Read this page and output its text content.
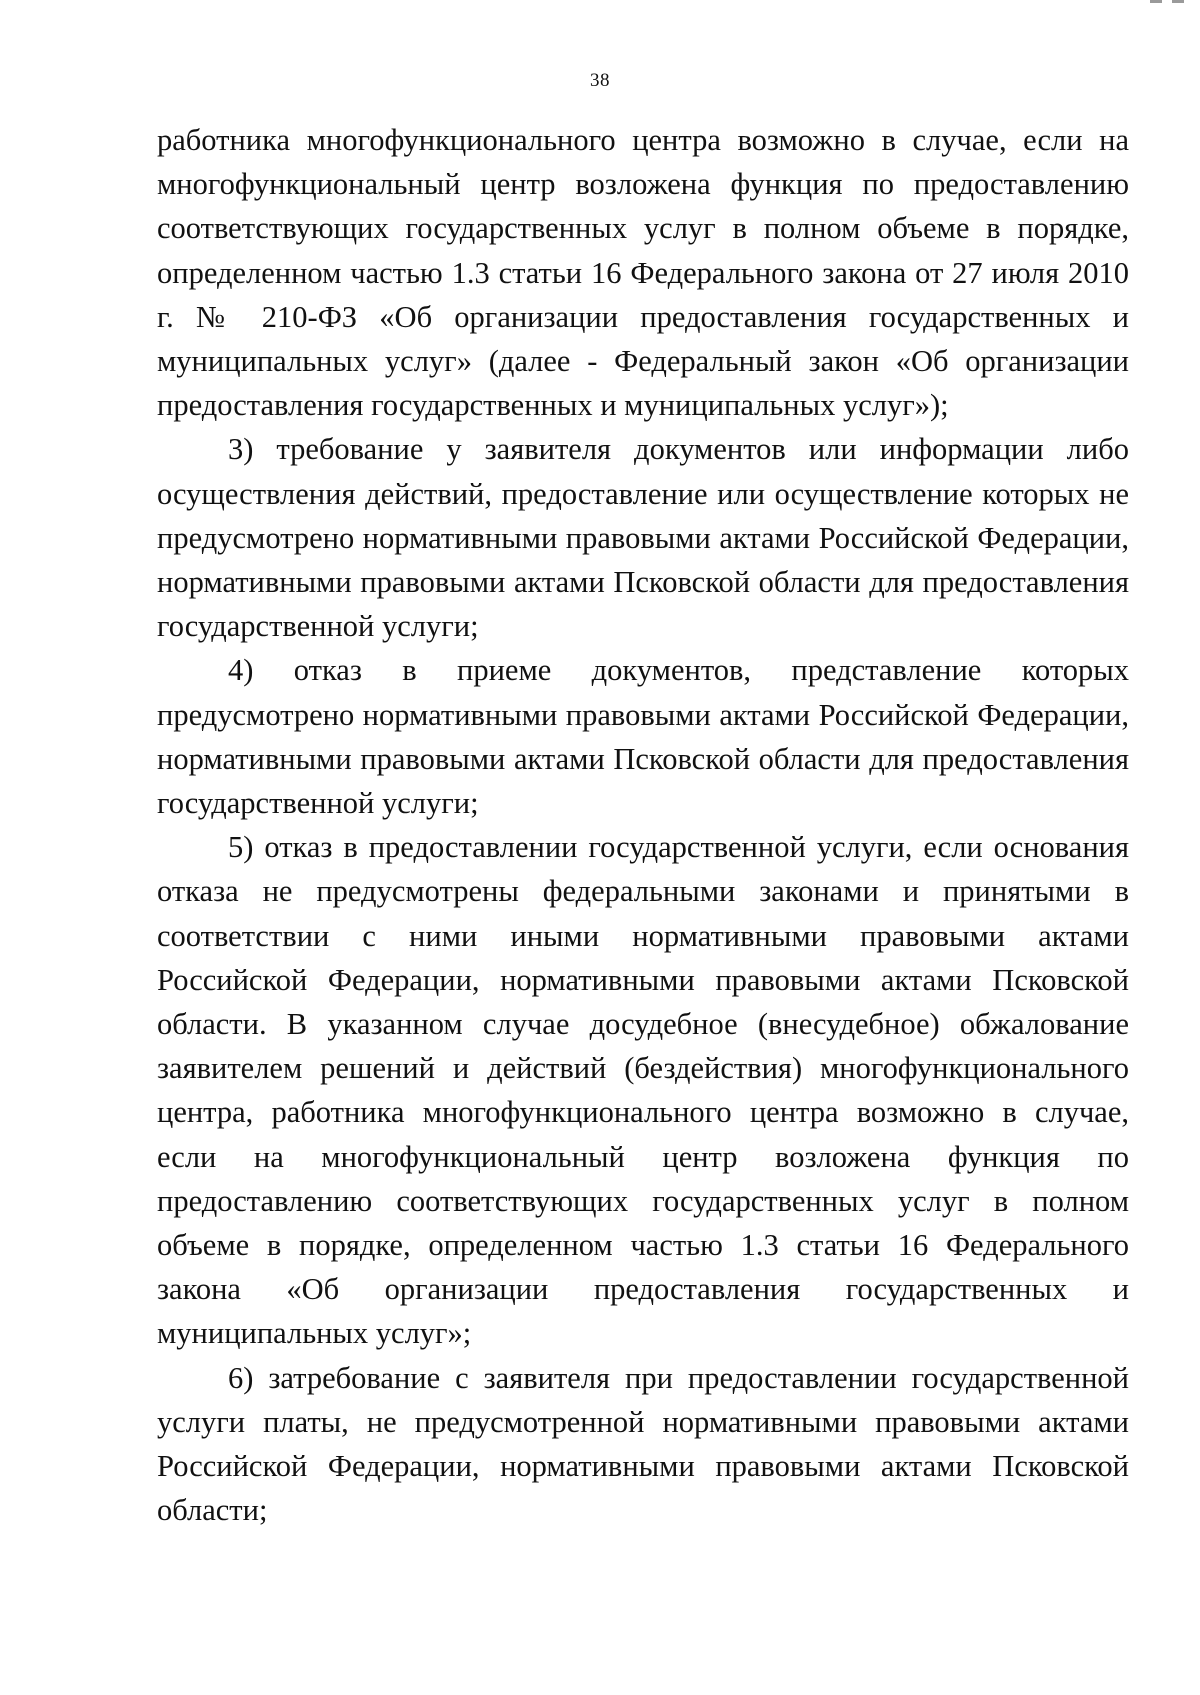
38

работника многофункционального центра возможно в случае, если на многофункциональный центр возложена функция по предоставлению соответствующих государственных услуг в полном объеме в порядке, определенном частью 1.3 статьи 16 Федерального закона от 27 июля 2010 г. № 210-ФЗ «Об организации предоставления государственных и муниципальных услуг» (далее - Федеральный закон «Об организации предоставления государственных и муниципальных услуг»);

3) требование у заявителя документов или информации либо осуществления действий, предоставление или осуществление которых не предусмотрено нормативными правовыми актами Российской Федерации, нормативными правовыми актами Псковской области для предоставления государственной услуги;

4) отказ в приеме документов, представление которых предусмотрено нормативными правовыми актами Российской Федерации, нормативными правовыми актами Псковской области для предоставления государственной услуги;

5) отказ в предоставлении государственной услуги, если основания отказа не предусмотрены федеральными законами и принятыми в соответствии с ними иными нормативными правовыми актами Российской Федерации, нормативными правовыми актами Псковской области. В указанном случае досудебное (внесудебное) обжалование заявителем решений и действий (бездействия) многофункционального центра, работника многофункционального центра возможно в случае, если на многофункциональный центр возложена функция по предоставлению соответствующих государственных услуг в полном объеме в порядке, определенном частью 1.3 статьи 16 Федерального закона «Об организации предоставления государственных и муниципальных услуг»;

6) затребование с заявителя при предоставлении государственной услуги платы, не предусмотренной нормативными правовыми актами Российской Федерации, нормативными правовыми актами Псковской области;
